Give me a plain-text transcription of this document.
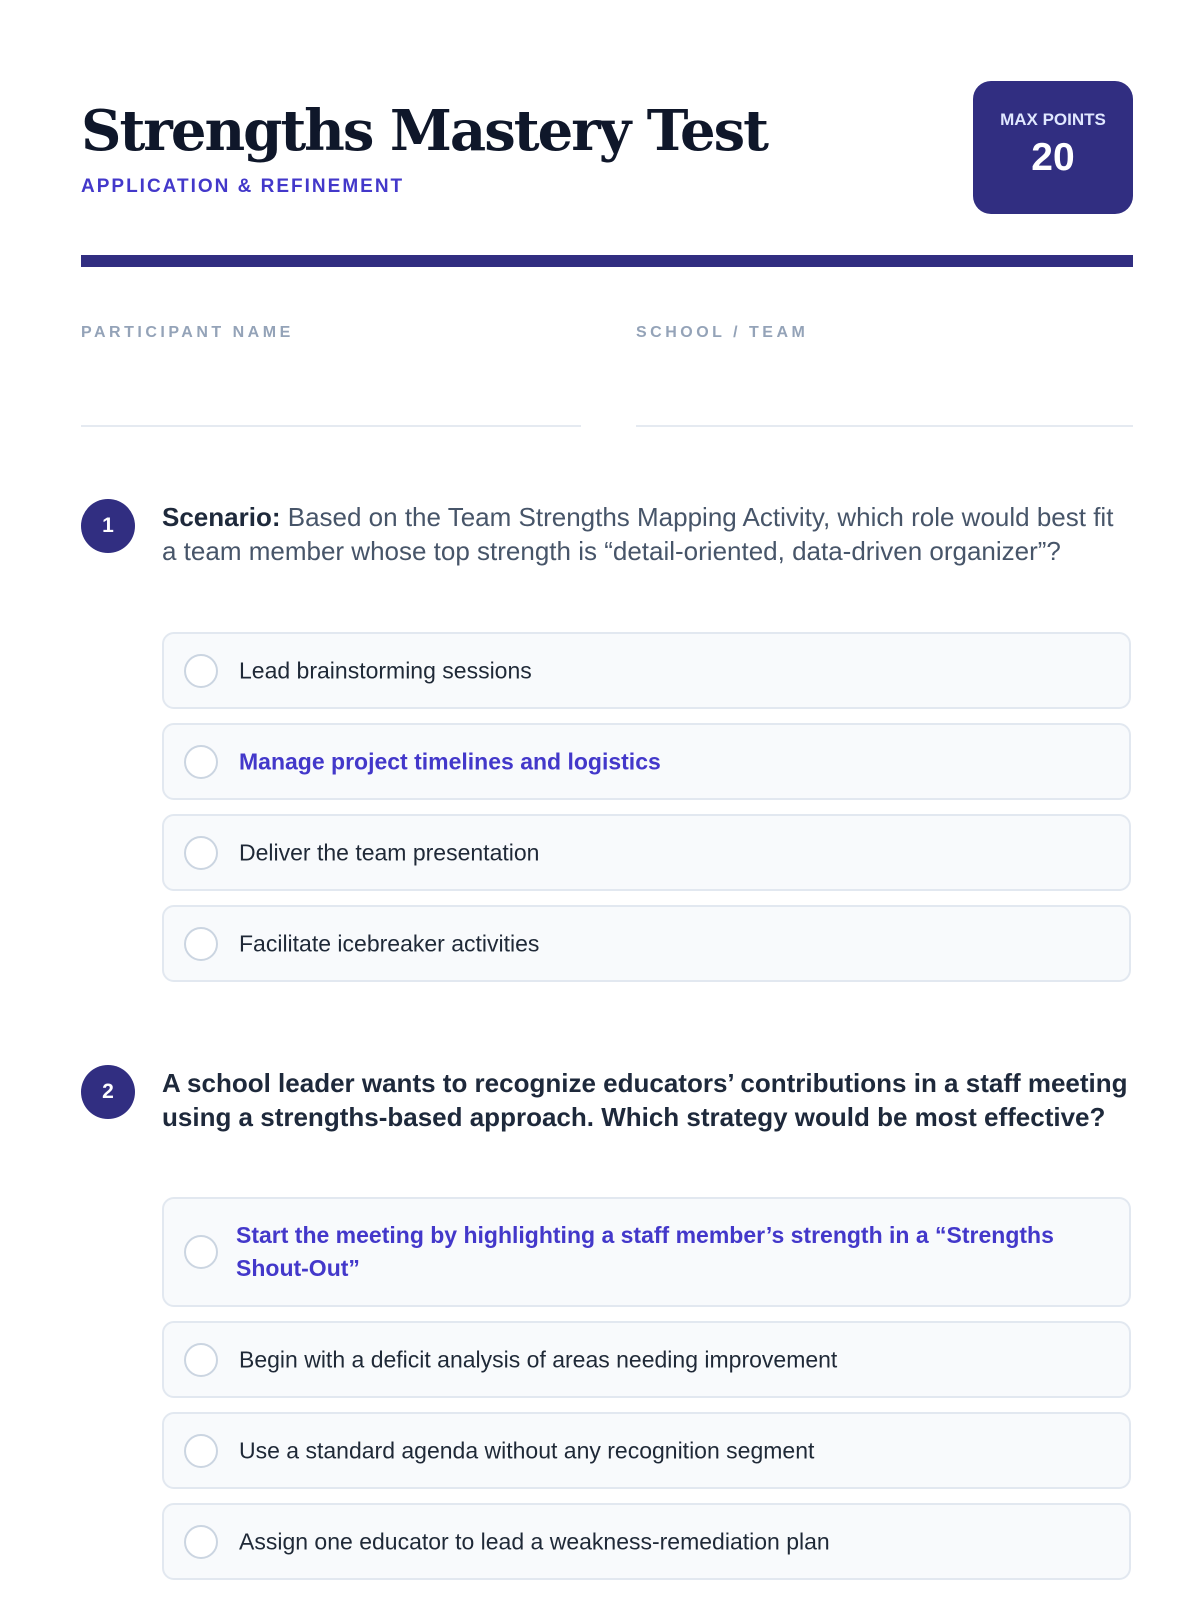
Strengths Mastery Test
APPLICATION & REFINEMENT
MAX POINTS
20
PARTICIPANT NAME	SCHOOL / TEAM
1	Scenario: Based on the Team Strengths Mapping Activity, which role would best fit a team member whose top strength is “detail-oriented, data-driven organizer”?
Lead brainstorming sessions
Manage project timelines and logistics
Deliver the team presentation
Facilitate icebreaker activities
2	A school leader wants to recognize educators’ contributions in a staff meeting using a strengths-based approach. Which strategy would be most effective?
Start the meeting by highlighting a staff member’s strength in a “Strengths Shout-Out”
Begin with a deficit analysis of areas needing improvement
Use a standard agenda without any recognition segment
Assign one educator to lead a weakness-remediation plan
